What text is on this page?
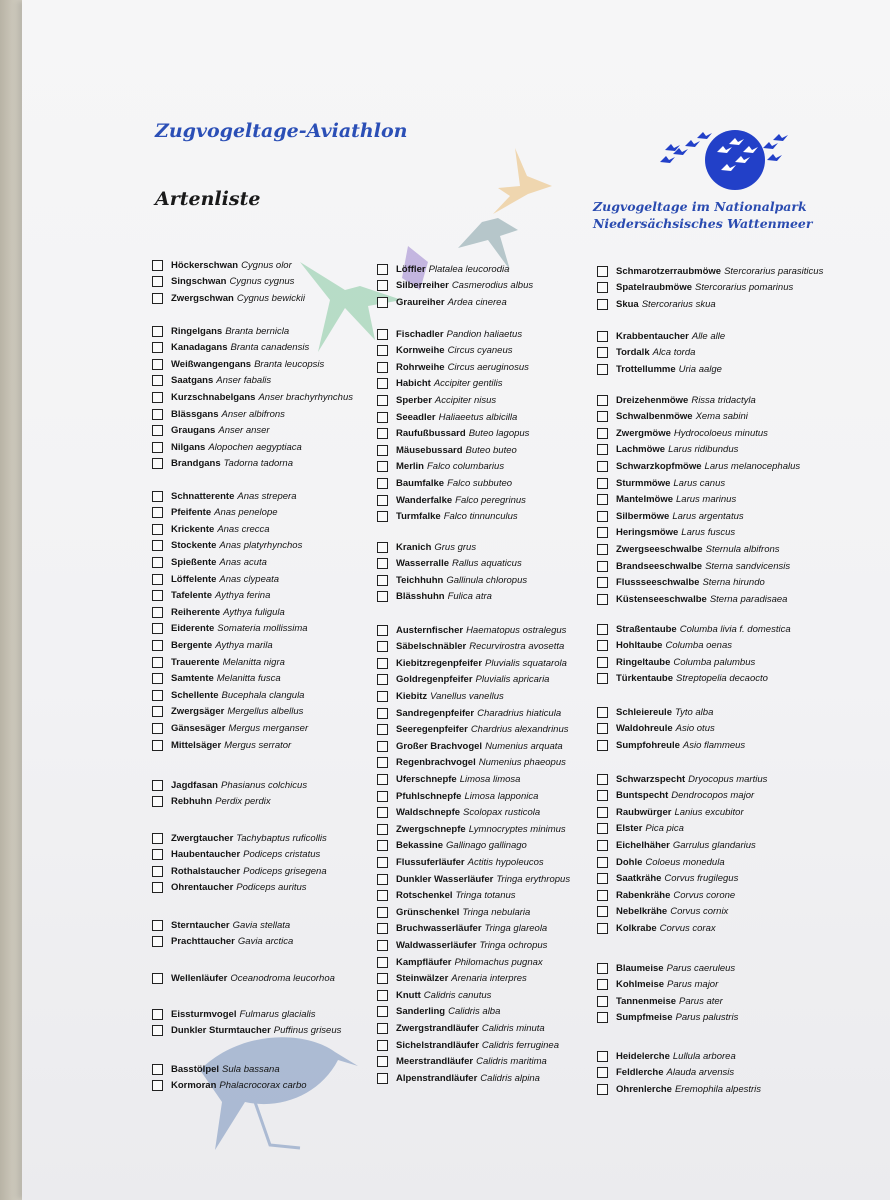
Zugvogeltage-Aviathlon
Artenliste	Zugvogeltage im Nationalpark
Niedersächsisches Wattenmeer
Höckerschwan Cygnus olor
Singschwan Cygnus cygnus
Zwergschwan Cygnus bewickii
Ringelgans Branta bernicla
Kanadagans Branta canadensis
Weißwangengans Branta leucopsis
Saatgans Anser fabalis
Kurzschnabelgans Anser brachyrhynchus
Blässgans Anser albifrons
Graugans Anser anser
Nilgans Alopochen aegyptiaca
Brandgans Tadorna tadorna
Schnatterente Anas strepera
Pfeifente Anas penelope
Krickente Anas crecca
Stockente Anas platyrhynchos
Spießente Anas acuta
Löffelente Anas clypeata
Tafelente Aythya ferina
Reiherente Aythya fuligula
Eiderente Somateria mollissima
Bergente Aythya marila
Trauerente Melanitta nigra
Samtente Melanitta fusca
Schellente Bucephala clangula
Zwergsäger Mergellus albellus
Gänsesäger Mergus merganser
Mittelsäger Mergus serrator
Jagdfasan Phasianus colchicus
Rebhuhn Perdix perdix
Zwergtaucher Tachybaptus ruficollis
Haubentaucher Podiceps cristatus
Rothalstaucher Podiceps grisegena
Ohrentaucher Podiceps auritus
Sterntaucher Gavia stellata
Prachttaucher Gavia arctica
Wellenläufer Oceanodroma leucorhoa
Eissturmvogel Fulmarus glacialis
Dunkler Sturmtaucher Puffinus griseus
Basstölpel Sula bassana
Kormoran Phalacrocorax carbo
Löffler Platalea leucorodia
Silberreiher Casmerodius albus
Graureiher Ardea cinerea
Fischadler Pandion haliaetus
Kornweihe Circus cyaneus
Rohrweihe Circus aeruginosus
Habicht Accipiter gentilis
Sperber Accipiter nisus
Seeadler Haliaeetus albicilla
Raufußbussard Buteo lagopus
Mäusebussard Buteo buteo
Merlin Falco columbarius
Baumfalke Falco subbuteo
Wanderfalke Falco peregrinus
Turmfalke Falco tinnunculus
Kranich Grus grus
Wasserralle Rallus aquaticus
Teichhuhn Gallinula chloropus
Blässhuhn Fulica atra
Austernfischer Haematopus ostralegus
Säbelschnäbler Recurvirostra avosetta
Kiebitzregenpfeifer Pluvialis squatarola
Goldregenpfeifer Pluvialis apricaria
Kiebitz Vanellus vanellus
Sandregenpfeifer Charadrius hiaticula
Seeregenpfeifer Chardrius alexandrinus
Großer Brachvogel Numenius arquata
Regenbrachvogel Numenius phaeopus
Uferschnepfe Limosa limosa
Pfuhlschnepfe Limosa lapponica
Waldschnepfe Scolopax rusticola
Zwergschnepfe Lymnocryptes minimus
Bekassine Gallinago gallinago
Flussuferläufer Actitis hypoleucos
Dunkler Wasserläufer Tringa erythropus
Rotschenkel Tringa totanus
Grünschenkel Tringa nebularia
Bruchwasserläufer Tringa glareola
Waldwasserläufer Tringa ochropus
Kampfläufer Philomachus pugnax
Steinwälzer Arenaria interpres
Knutt Calidris canutus
Sanderling Calidris alba
Zwergstrandläufer Calidris minuta
Sichelstrandläufer Calidris ferruginea
Meerstrandläufer Calidris maritima
Alpenstrandläufer Calidris alpina
Schmarotzerraubmöwe Stercorarius parasiticus
Spatelraubmöwe Stercorarius pomarinus
Skua Stercorarius skua
Krabbentaucher Alle alle
Tordalk Alca torda
Trottellumme Uria aalge
Dreizehenmöwe Rissa tridactyla
Schwalbenmöwe Xema sabini
Zwergmöwe Hydrocoloeus minutus
Lachmöwe Larus ridibundus
Schwarzkopfmöwe Larus melanocephalus
Sturmmöwe Larus canus
Mantelmöwe Larus marinus
Silbermöwe Larus argentatus
Heringsmöwe Larus fuscus
Zwergseeschwalbe Sternula albifrons
Brandseeschwalbe Sterna sandvicensis
Flussseeschwalbe Sterna hirundo
Küstenseeschwalbe Sterna paradisaea
Straßentaube Columba livia f. domestica
Hohltaube Columba oenas
Ringeltaube Columba palumbus
Türkentaube Streptopelia decaocto
Schleiereule Tyto alba
Waldohreule Asio otus
Sumpfohreule Asio flammeus
Schwarzspecht Dryocopus martius
Buntspecht Dendrocopos major
Raubwürger Lanius excubitor
Elster Pica pica
Eichelhäher Garrulus glandarius
Dohle Coloeus monedula
Saatkrähe Corvus frugilegus
Rabenkrähe Corvus corone
Nebelkrähe Corvus cornix
Kolkrabe Corvus corax
Blaumeise Parus caeruleus
Kohlmeise Parus major
Tannenmeise Parus ater
Sumpfmeise Parus palustris
Heidelerche Lullula arborea
Feldlerche Alauda arvensis
Ohrenlerche Eremophila alpestris
